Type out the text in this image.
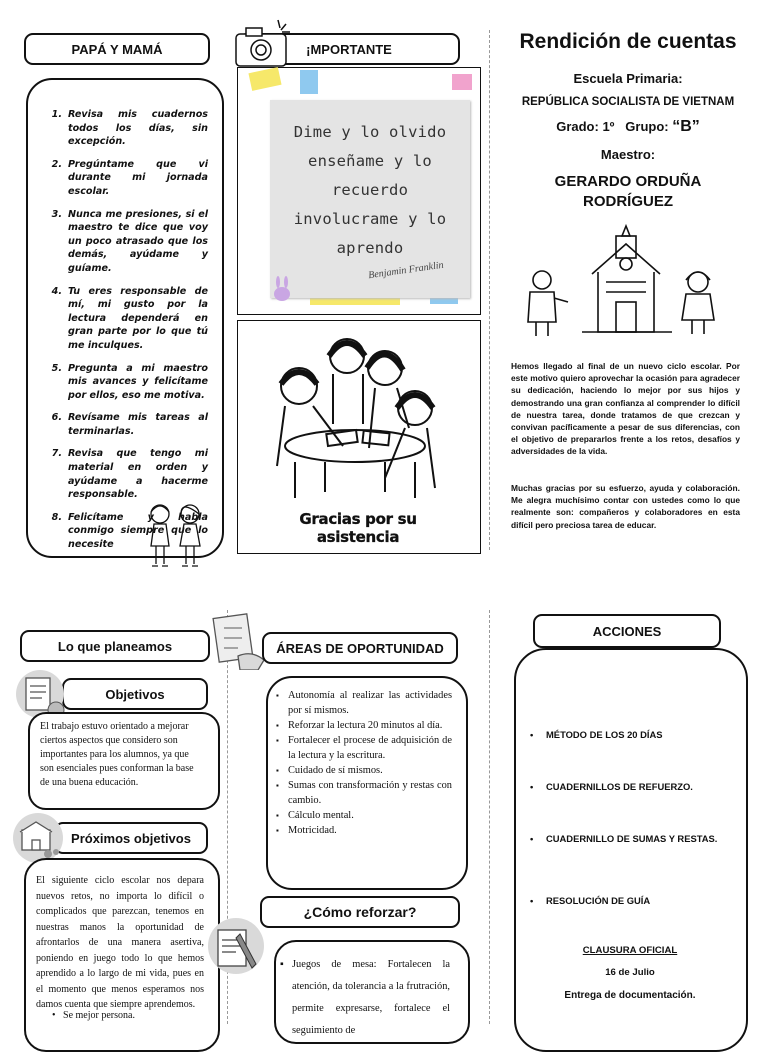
PAPÁ Y MAMÁ
1. Revisa mis cuadernos todos los días, sin excepción.
2. Pregúntame que vi durante mi jornada escolar.
3. Nunca me presiones, si el maestro te dice que voy un poco atrasado que los demás, ayúdame y guíame.
4. Tu eres responsable de mí, mi gusto por la lectura dependerá en gran parte por lo que tú me inculques.
5. Pregunta a mi maestro mis avances y felicítame por ellos, eso me motiva.
6. Revísame mis tareas al terminarlas.
7. Revisa que tengo mi material en orden y ayúdame a hacerme responsable.
8. Felicítame y habla conmigo siempre que lo necesite
¡MPORTANTE
Dime y lo olvido
enseñame y lo
recuerdo
involucrame y lo
aprendo
Benjamin Franklin
Gracias por su asistencia
Rendición de cuentas
Escuela Primaria:
REPÚBLICA SOCIALISTA DE VIETNAM
Grado: 1º Grupo: “B”
Maestro:
GERARDO ORDUÑA RODRÍGUEZ
Hemos llegado al final de un nuevo ciclo escolar. Por este motivo quiero aprovechar la ocasión para agradecer su dedicación, haciendo lo mejor por sus hijos y demostrando una gran confianza al comprender lo difícil de nuestra tarea, donde tratamos de que crezcan y convivan pacíficamente a pesar de sus diferencias, con el objetivo de prepararlos frente a los retos, desafíos y adversidades de la vida.
Muchas gracias por su esfuerzo, ayuda y colaboración. Me alegra muchísimo contar con ustedes como lo que realmente son: compañeros y colaboradores en esta difícil pero preciosa tarea de educar.
Lo que planeamos
Objetivos
El trabajo estuvo orientado a mejorar ciertos aspectos que considero son importantes para los alumnos, ya que son esenciales pues conforman la base de una buena educación.
Próximos objetivos
El siguiente ciclo escolar nos depara nuevos retos, no importa lo difícil o complicados que parezcan, tenemos en nuestras manos la oportunidad de afrontarlos de una manera asertiva, poniendo en juego todo lo que hemos aprendido a lo largo de mi vida, pues en el momento que menos esperamos nos damos cuenta que siempre aprendemos.
•   Se mejor persona.
ÁREAS DE OPORTUNIDAD
▪ Autonomía al realizar las actividades por sí mismos.
▪ Reforzar la lectura 20 minutos al día.
▪ Fortalecer el procese de adquisición de la lectura y la escritura.
▪ Cuidado de sí mismos.
▪ Sumas con transformación y restas con cambio.
▪ Cálculo mental.
▪ Motricidad.
¿Cómo reforzar?
▪ Juegos de mesa: Fortalecen la atención, da tolerancia a la frutración, permite expresarse, fortalece el seguimiento de
ACCIONES
•	MÉTODO DE LOS 20 DÍAS
•	CUADERNILLOS DE REFUERZO.
•	CUADERNILLO DE SUMAS Y RESTAS.
•	RESOLUCIÓN DE GUÍA
CLAUSURA OFICIAL
16 de Julio
Entrega de documentación.
